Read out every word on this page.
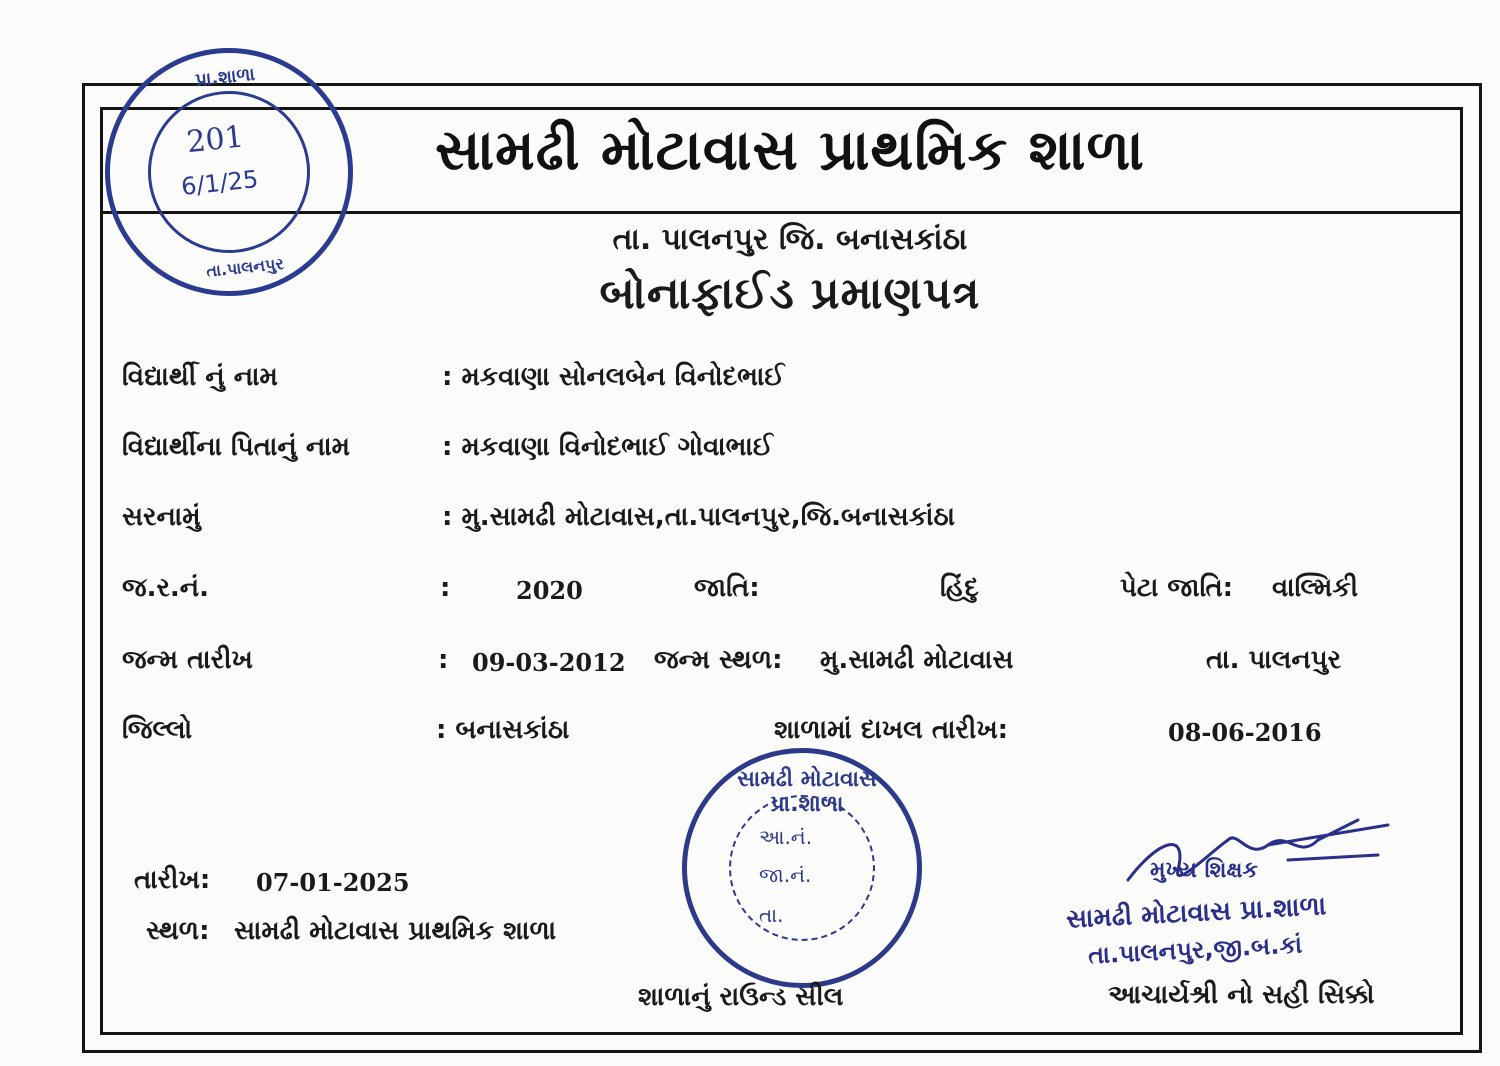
પ્રા.શાળા
201
6/1/25
તા.પાલનપુર
સામઢી મોટાવાસ પ્રાથમિક શાળા
તા. પાલનપુર જિ. બનાસકાંઠા
બોનાફાઈડ પ્રમાણપત્ર
વિદ્યાર્થી નું નામ	: મકવાણા સોનલબેન વિનોદભાઈ
વિદ્યાર્થીના પિતાનું નામ	: મકવાણા વિનોદભાઈ ગોવાભાઈ
સરનામું	: મુ.સામઢી મોટાવાસ,તા.પાલનપુર,જિ.બનાસકાંઠા
જ.ર.નં.	:	2020	જાતિ:	હિંદુ	પેટા જાતિ: વાલ્મિકી
જન્મ તારીખ	: 09-03-2012 જન્મ સ્થળ: મુ.સામઢી મોટાવાસ	તા. પાલનપુર
જિલ્લો	: બનાસકાંઠા	શાળામાં દાખલ તારીખ:	08-06-2016
સામઢી મોટાવાસ પ્રા.શાળા
આ.નં.
જા.નં.
તા.
તારીખ: 07-01-2025
સ્થળ: સામઢી મોટાવાસ પ્રાથમિક શાળા
શાળાનું રાઉન્ડ સીલ
મુખ્ય શિક્ષક
સામઢી મોટાવાસ પ્રા.શાળા
તા.પાલનપુર,જી.બ.કાં
આચાર્યશ્રી નો સહી સિક્કો
